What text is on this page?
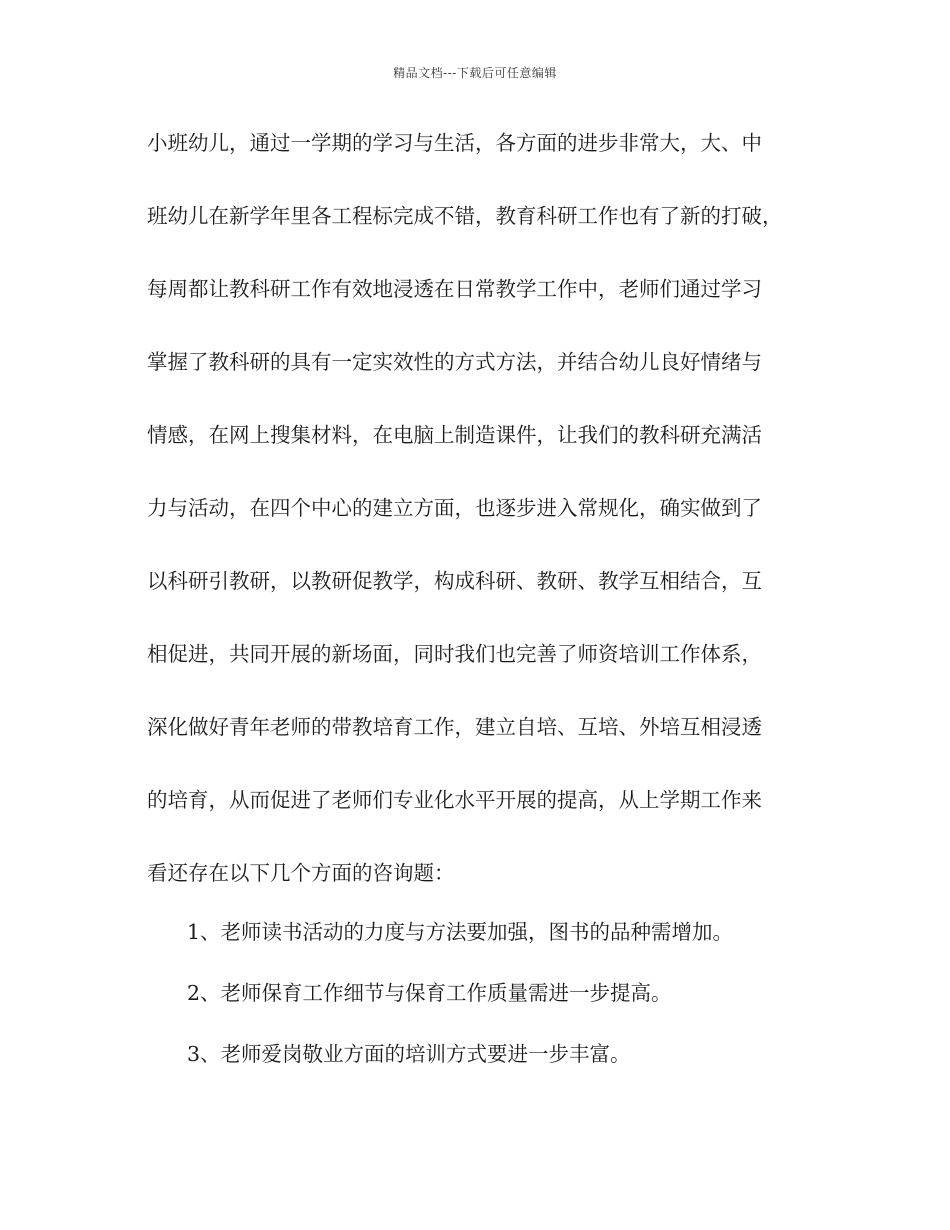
精品文档---下载后可任意编辑
小班幼儿，通过一学期的学习与生活，各方面的进步非常大，大、中
班幼儿在新学年里各工程标完成不错，教育科研工作也有了新的打破，
每周都让教科研工作有效地浸透在日常教学工作中，老师们通过学习
掌握了教科研的具有一定实效性的方式方法，并结合幼儿良好情绪与
情感，在网上搜集材料，在电脑上制造课件，让我们的教科研充满活
力与活动，在四个中心的建立方面，也逐步进入常规化，确实做到了
以科研引教研，以教研促教学，构成科研、教研、教学互相结合，互
相促进，共同开展的新场面，同时我们也完善了师资培训工作体系，
深化做好青年老师的带教培育工作，建立自培、互培、外培互相浸透
的培育，从而促进了老师们专业化水平开展的提高，从上学期工作来
看还存在以下几个方面的咨询题：
1、老师读书活动的力度与方法要加强，图书的品种需增加。
2、老师保育工作细节与保育工作质量需进一步提高。
3、老师爱岗敬业方面的培训方式要进一步丰富。
